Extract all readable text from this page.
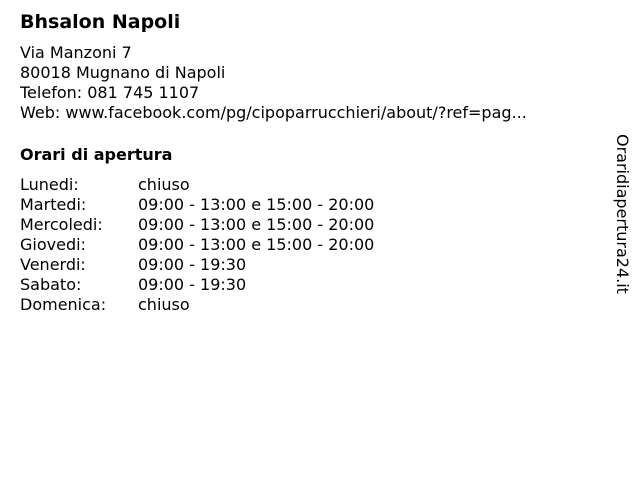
Bhsalon Napoli
Via Manzoni 7
80018 Mugnano di Napoli
Telefon: 081 745 1107
Web: www.facebook.com/pg/cipoparrucchieri/about/?ref=pag...
Orari di apertura
Lunedi:	chiuso
Martedi:	09:00 - 13:00 e 15:00 - 20:00
Mercoledi:	09:00 - 13:00 e 15:00 - 20:00
Giovedi:	09:00 - 13:00 e 15:00 - 20:00
Venerdi:	09:00 - 19:30
Sabato:	09:00 - 19:30
Domenica:	chiuso
Oraridiapertura24.it
